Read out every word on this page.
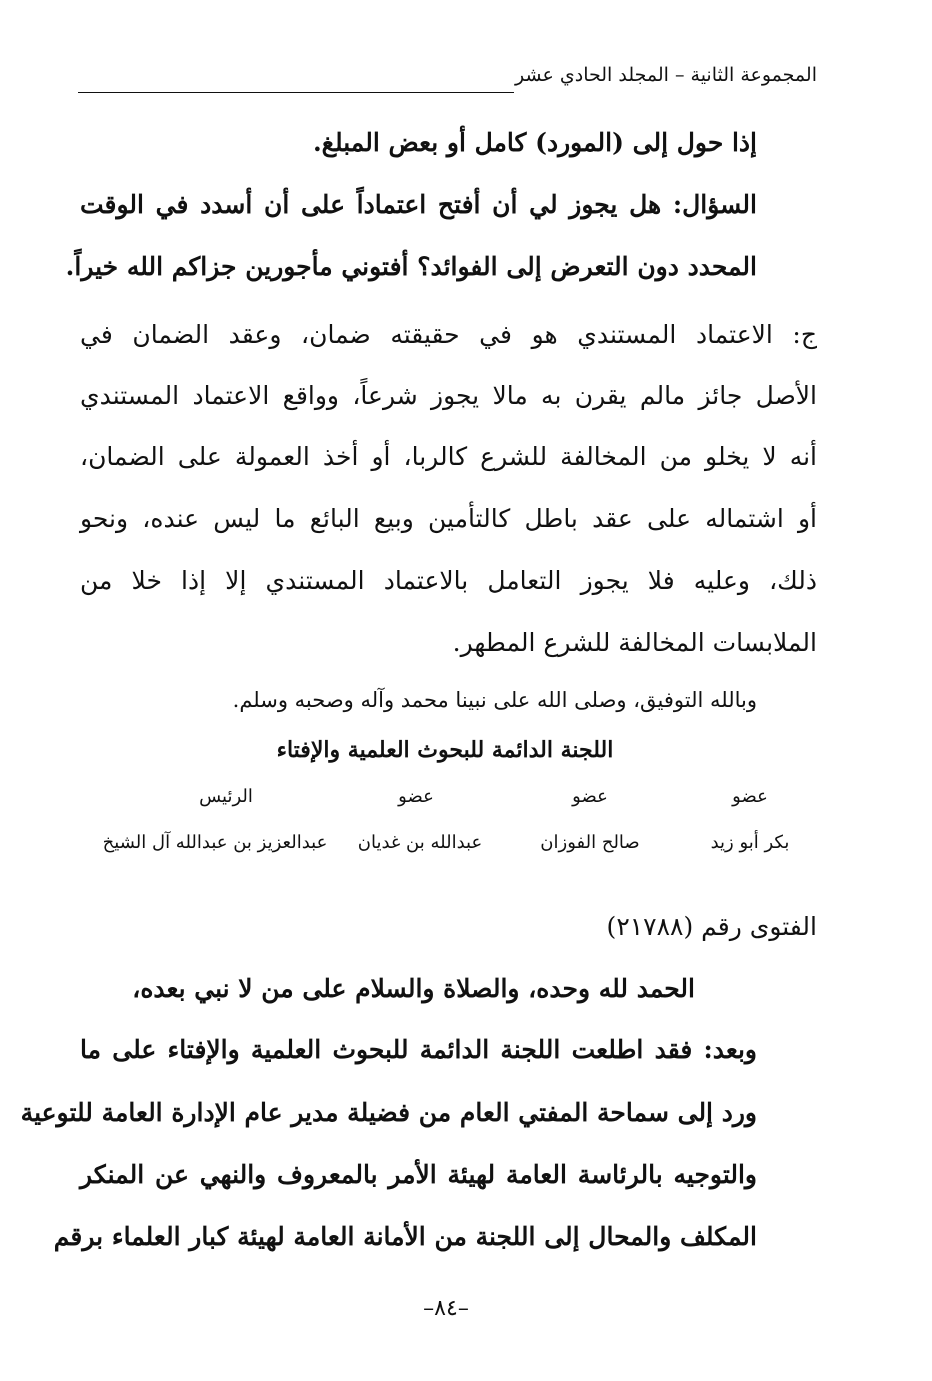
المجموعة الثانية – المجلد الحادي عشر
إذا حول إلى (المورد) كامل أو بعض المبلغ.
السؤال: هل يجوز لي أن أفتح اعتماداً على أن أسدد في الوقت
المحدد دون التعرض إلى الفوائد؟ أفتوني مأجورين جزاكم الله خيراً.
ج: الاعتماد المستندي هو في حقيقته ضمان، وعقد الضمان في
الأصل جائز مالم يقرن به مالا يجوز شرعاً، وواقع الاعتماد المستندي
أنه لا يخلو من المخالفة للشرع كالربا، أو أخذ العمولة على الضمان،
أو اشتماله على عقد باطل كالتأمين وبيع البائع ما ليس عنده، ونحو
ذلك، وعليه فلا يجوز التعامل بالاعتماد المستندي إلا إذا خلا من
الملابسات المخالفة للشرع المطهر.
وبالله التوفيق، وصلى الله على نبينا محمد وآله وصحبه وسلم.
اللجنة الدائمة للبحوث العلمية والإفتاء
عضو
عضو
عضو
الرئيس
بكر أبو زيد
صالح الفوزان
عبدالله بن غديان
عبدالعزيز بن عبدالله آل الشيخ
الفتوى رقم (٢١٧٨٨)
الحمد لله وحده، والصلاة والسلام على من لا نبي بعده،
وبعد: فقد اطلعت اللجنة الدائمة للبحوث العلمية والإفتاء على ما
ورد إلى سماحة المفتي العام من فضيلة مدير عام الإدارة العامة للتوعية
والتوجيه بالرئاسة العامة لهيئة الأمر بالمعروف والنهي عن المنكر
المكلف والمحال إلى اللجنة من الأمانة العامة لهيئة كبار العلماء برقم
–٨٤–
